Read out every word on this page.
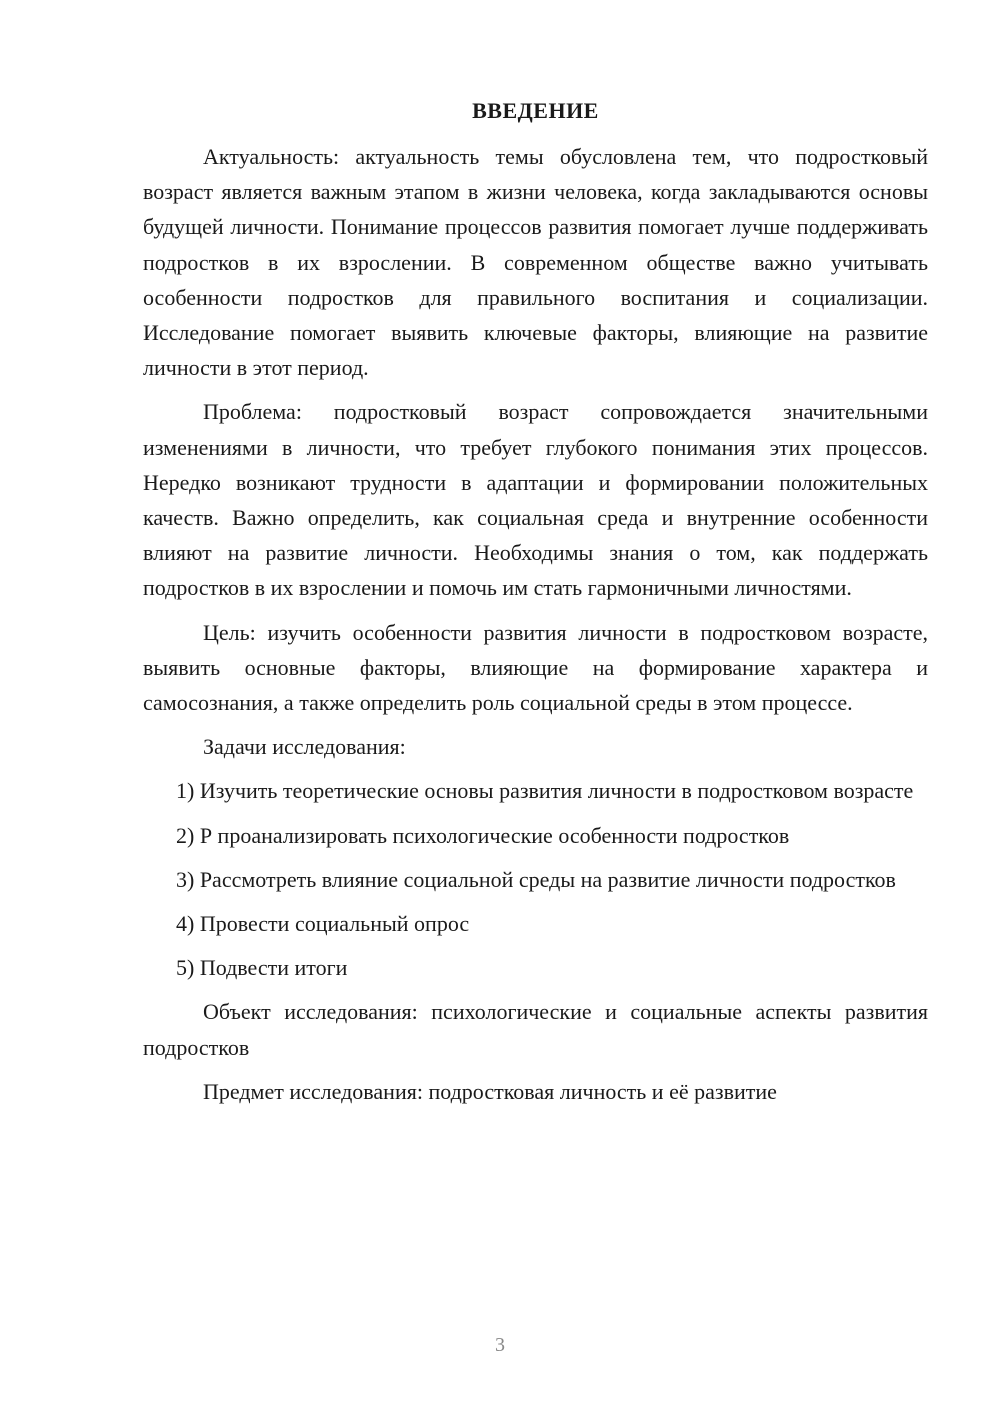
ВВЕДЕНИЕ

Актуальность: актуальность темы обусловлена тем, что подростковый возраст является важным этапом в жизни человека, когда закладываются основы будущей личности. Понимание процессов развития помогает лучше поддерживать подростков в их взрослении. В современном обществе важно учитывать особенности подростков для правильного воспитания и социализации. Исследование помогает выявить ключевые факторы, влияющие на развитие личности в этот период.

Проблема: подростковый возраст сопровождается значительными изменениями в личности, что требует глубокого понимания этих процессов. Нередко возникают трудности в адаптации и формировании положительных качеств. Важно определить, как социальная среда и внутренние особенности влияют на развитие личности. Необходимы знания о том, как поддержать подростков в их взрослении и помочь им стать гармоничными личностями.

Цель: изучить особенности развития личности в подростковом возрасте, выявить основные факторы, влияющие на формирование характера и самосознания, а также определить роль социальной среды в этом процессе.

Задачи исследования:

1) Изучить теоретические основы развития личности в подростковом возрасте

2) Р проанализировать психологические особенности подростков

3) Рассмотреть влияние социальной среды на развитие личности подростков

4) Провести социальный опрос

5) Подвести итоги

Объект исследования: психологические и социальные аспекты развития подростков

Предмет исследования: подростковая личность и её развитие

3
